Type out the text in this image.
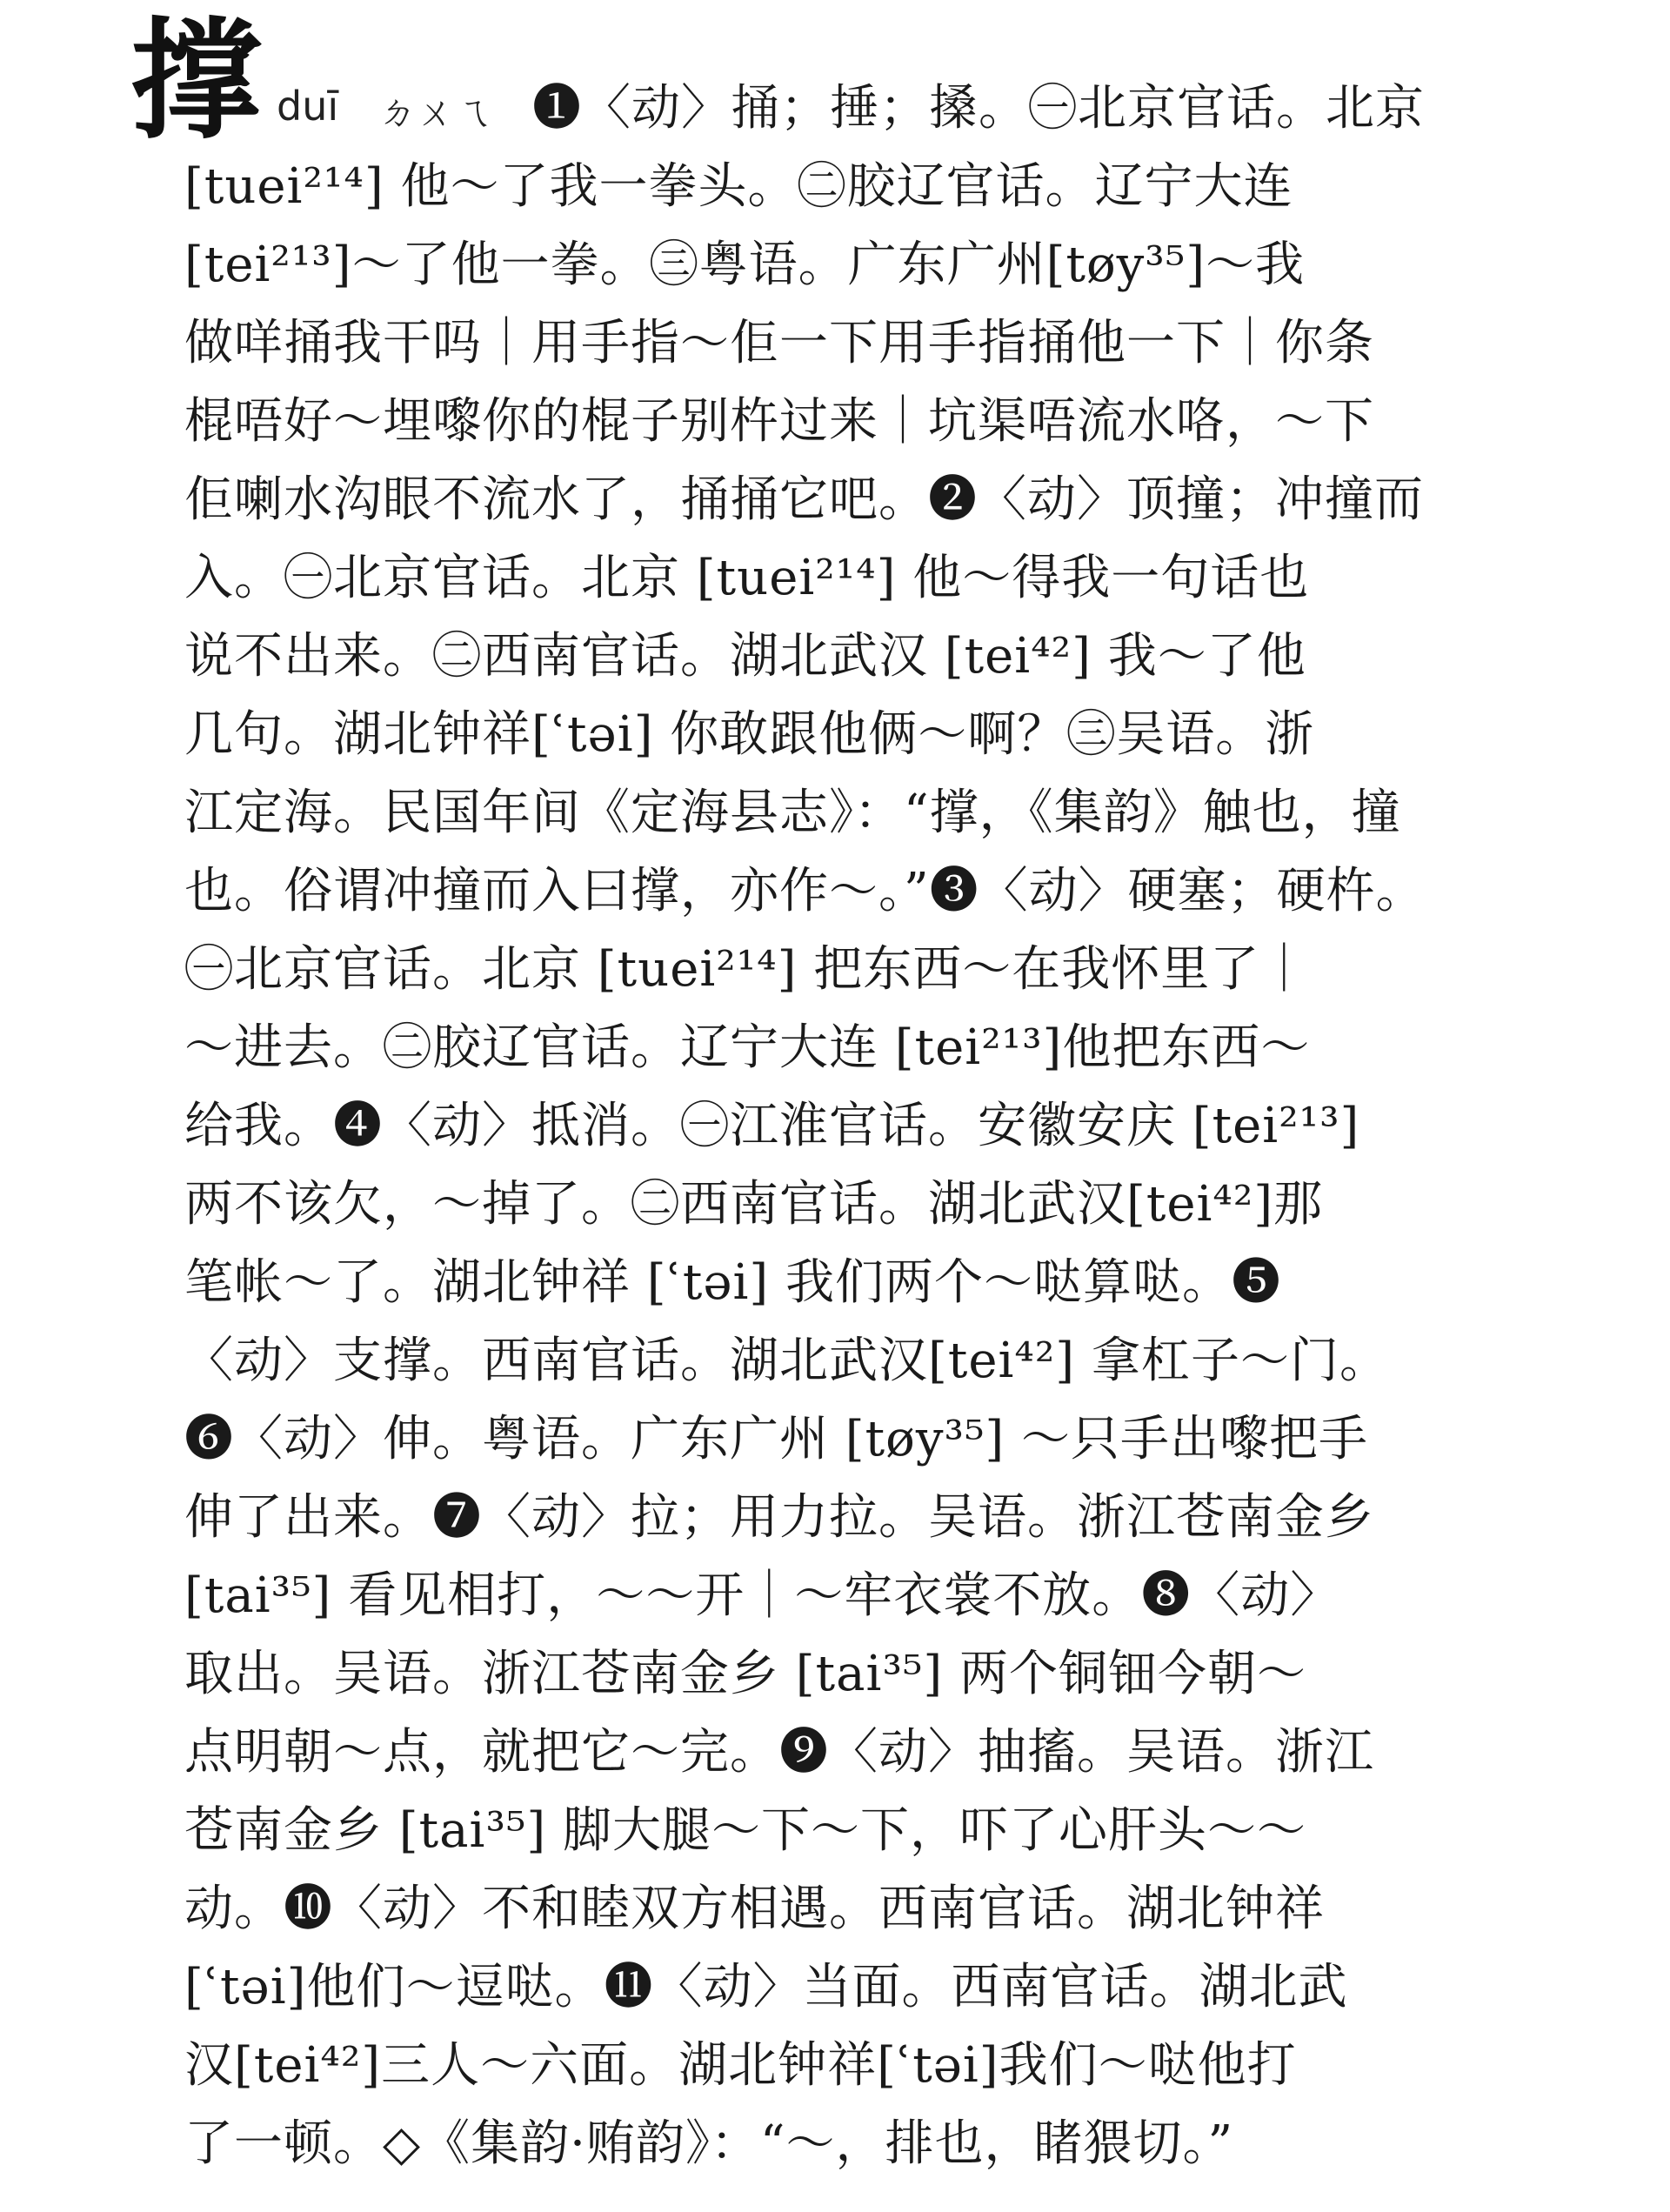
撑 duī ㄉㄨㄟ ❶〈动〉捅；捶；搡。㊀北京官话。北京
[tuei²¹⁴] 他～了我一拳头。㊁胶辽官话。辽宁大连
[tei²¹³]～了他一拳。㊂粤语。广东广州[tøy³⁵]～我
做咩捅我干吗｜用手指～佢一下用手指捅他一下｜你条
棍唔好～埋嚟你的棍子别杵过来｜坑渠唔流水咯，～下
佢喇水沟眼不流水了，捅捅它吧。❷〈动〉顶撞；冲撞而
入。㊀北京官话。北京 [tuei²¹⁴] 他～得我一句话也
说不出来。㊁西南官话。湖北武汉 [tei⁴²] 我～了他
几句。湖北钟祥[ʿtəi] 你敢跟他俩～啊？㊂吴语。浙
江定海。民国年间《定海县志》：“撑，《集韵》触也，撞
也。俗谓冲撞而入曰撑，亦作～。”❸〈动〉硬塞；硬杵。
㊀北京官话。北京 [tuei²¹⁴] 把东西～在我怀里了｜
～进去。㊁胶辽官话。辽宁大连 [tei²¹³]他把东西～
给我。❹〈动〉抵消。㊀江淮官话。安徽安庆 [tei²¹³]
两不该欠，～掉了。㊁西南官话。湖北武汉[tei⁴²]那
笔帐～了。湖北钟祥 [ʿtəi] 我们两个～哒算哒。❺
〈动〉支撑。西南官话。湖北武汉[tei⁴²] 拿杠子～门。
❻〈动〉伸。粤语。广东广州 [tøy³⁵] ～只手出嚟把手
伸了出来。❼〈动〉拉；用力拉。吴语。浙江苍南金乡
[tai³⁵] 看见相打，～～开｜～牢衣裳不放。❽〈动〉
取出。吴语。浙江苍南金乡 [tai³⁵] 两个铜钿今朝～
点明朝～点，就把它～完。❾〈动〉抽搐。吴语。浙江
苍南金乡 [tai³⁵] 脚大腿～下～下，吓了心肝头～～
动。❿〈动〉不和睦双方相遇。西南官话。湖北钟祥
[ʿtəi]他们～逗哒。⓫〈动〉当面。西南官话。湖北武
汉[tei⁴²]三人～六面。湖北钟祥[ʿtəi]我们～哒他打
了一顿。◇《集韵·贿韵》：“～，排也，睹猥切。”
